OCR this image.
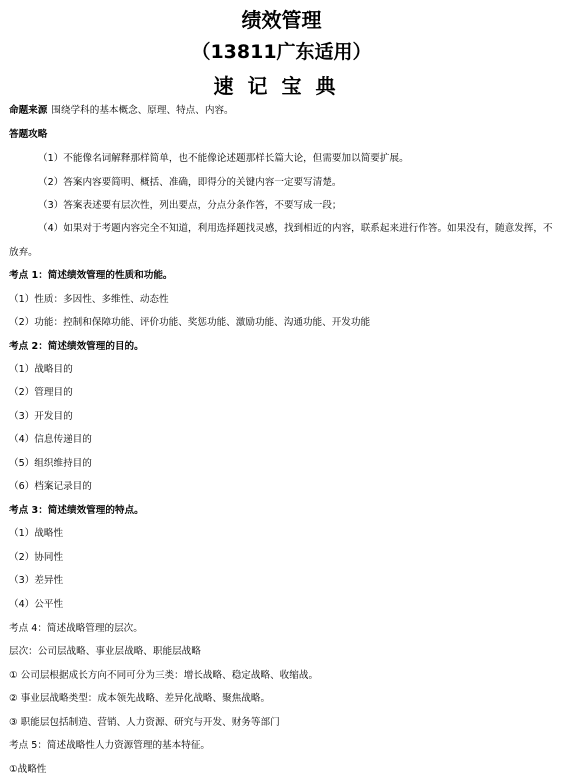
绩效管理
（13811广东适用）
速记宝典
命题来源 围绕学科的基本概念、原理、特点、内容。
答题攻略
（1）不能像名词解释那样简单，也不能像论述题那样长篇大论，但需要加以简要扩展。
（2）答案内容要简明、概括、准确，即得分的关键内容一定要写清楚。
（3）答案表述要有层次性，列出要点，分点分条作答，不要写成一段；
（4）如果对于考题内容完全不知道，利用选择题找灵感，找到相近的内容，联系起来进行作答。如果没有，随意发挥，不放弃。
考点 1：简述绩效管理的性质和功能。
（1）性质：多因性、多维性、动态性
（2）功能：控制和保障功能、评价功能、奖惩功能、激励功能、沟通功能、开发功能
考点 2：简述绩效管理的目的。
（1）战略目的
（2）管理目的
（3）开发目的
（4）信息传递目的
（5）组织维持目的
（6）档案记录目的
考点 3：简述绩效管理的特点。
（1）战略性
（2）协同性
（3）差异性
（4）公平性
考点 4：简述战略管理的层次。
层次：公司层战略、事业层战略、职能层战略
① 公司层根据成长方向不同可分为三类：增长战略、稳定战略、收缩战。
② 事业层战略类型：成本领先战略、差异化战略、聚焦战略。
③ 职能层包括制造、营销、人力资源、研究与开发、财务等部门
考点 5：简述战略性人力资源管理的基本特征。
①战略性
